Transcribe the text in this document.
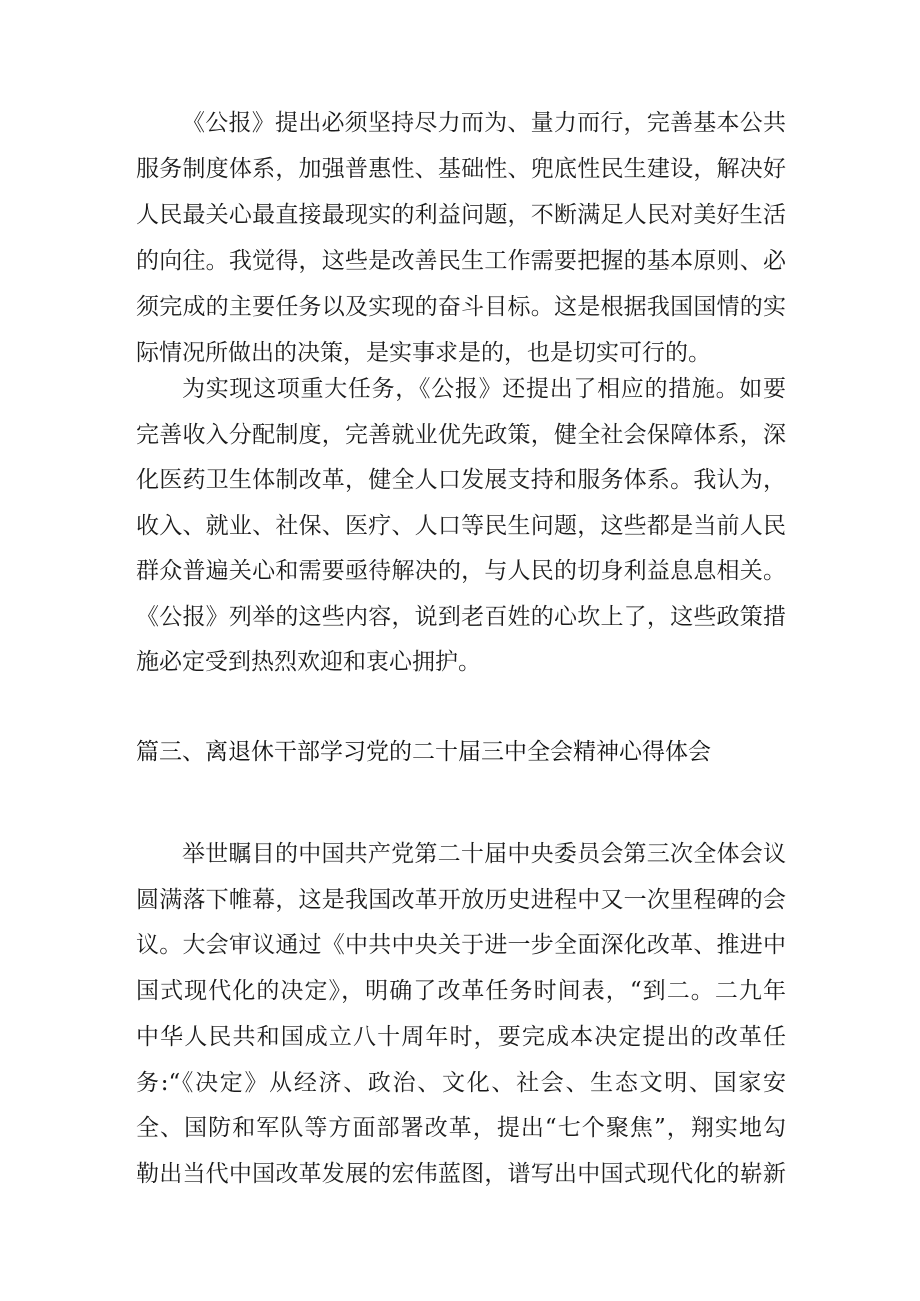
《公报》提出必须坚持尽力而为、量力而行，完善基本公共
服务制度体系，加强普惠性、基础性、兜底性民生建设，解决好
人民最关心最直接最现实的利益问题，不断满足人民对美好生活
的向往。我觉得，这些是改善民生工作需要把握的基本原则、必
须完成的主要任务以及实现的奋斗目标。这是根据我国国情的实
际情况所做出的决策，是实事求是的，也是切实可行的。
为实现这项重大任务，《公报》还提出了相应的措施。如要
完善收入分配制度，完善就业优先政策，健全社会保障体系，深
化医药卫生体制改革，健全人口发展支持和服务体系。我认为，
收入、就业、社保、医疗、人口等民生问题，这些都是当前人民
群众普遍关心和需要亟待解决的，与人民的切身利益息息相关。
《公报》列举的这些内容，说到老百姓的心坎上了，这些政策措
施必定受到热烈欢迎和衷心拥护。
篇三、离退休干部学习党的二十届三中全会精神心得体会
举世瞩目的中国共产党第二十届中央委员会第三次全体会议
圆满落下帷幕，这是我国改革开放历史进程中又一次里程碑的会
议。大会审议通过《中共中央关于进一步全面深化改革、推进中
国式现代化的决定》，明确了改革任务时间表，“到二。二九年
中华人民共和国成立八十周年时，要完成本决定提出的改革任
务:“《决定》从经济、政治、文化、社会、生态文明、国家安
全、国防和军队等方面部署改革，提出“七个聚焦”，翔实地勾
勒出当代中国改革发展的宏伟蓝图，谱写出中国式现代化的崭新
